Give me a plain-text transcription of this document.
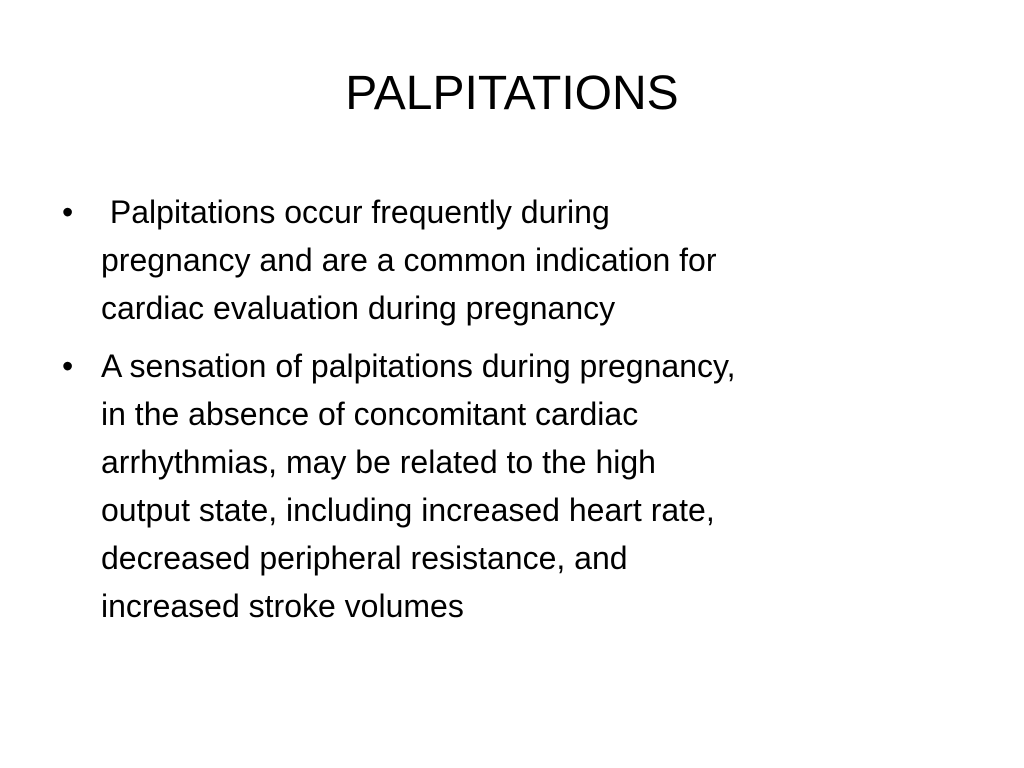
PALPITATIONS
• Palpitations occur frequently during
pregnancy and are a common indication for
cardiac evaluation during pregnancy
• A sensation of palpitations during pregnancy,
in the absence of concomitant cardiac
arrhythmias, may be related to the high
output state, including increased heart rate,
decreased peripheral resistance, and
increased stroke volumes
